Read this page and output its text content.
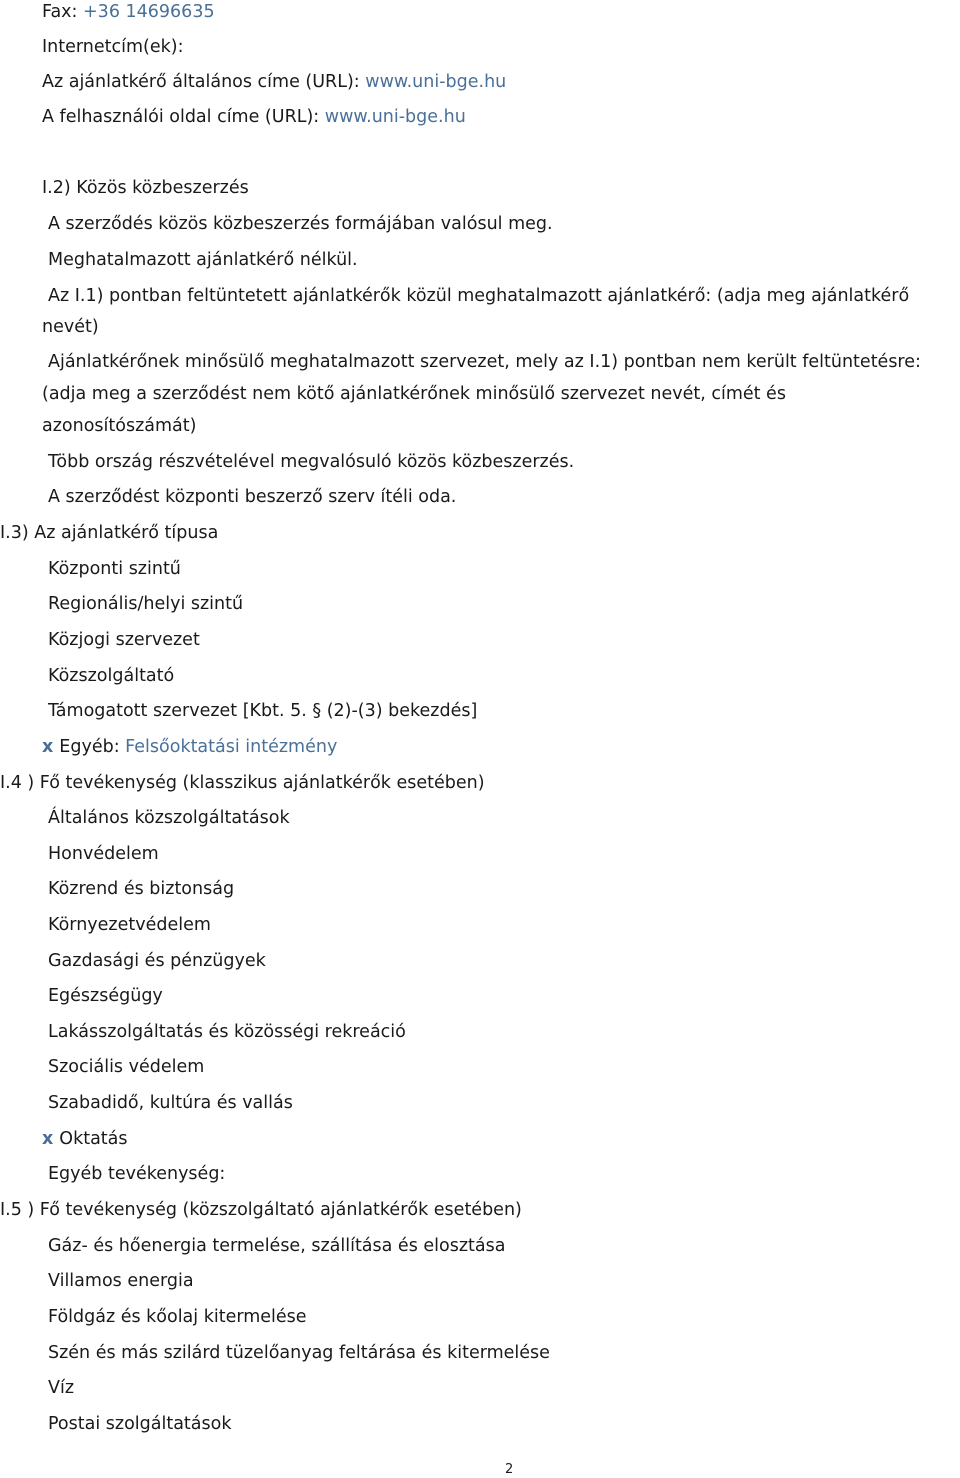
Fax: +36 14696635
Internetcím(ek):
Az ajánlatkérő általános címe (URL): www.uni-bge.hu
A felhasználói oldal címe (URL): www.uni-bge.hu
I.2) Közös közbeszerzés
A szerződés közös közbeszerzés formájában valósul meg.
Meghatalmazott ajánlatkérő nélkül.
Az I.1) pontban feltüntetett ajánlatkérők közül meghatalmazott ajánlatkérő: (adja meg ajánlatkérő
nevét)
Ajánlatkérőnek minősülő meghatalmazott szervezet, mely az I.1) pontban nem került feltüntetésre:
(adja meg a szerződést nem kötő ajánlatkérőnek minősülő szervezet nevét, címét és
azonosítószámát)
Több ország részvételével megvalósuló közös közbeszerzés.
A szerződést központi beszerző szerv ítéli oda.
I.3) Az ajánlatkérő típusa
Központi szintű
Regionális/helyi szintű
Közjogi szervezet
Közszolgáltató
Támogatott szervezet [Kbt. 5. § (2)-(3) bekezdés]
x Egyéb: Felsőoktatási intézmény
I.4 ) Fő tevékenység (klasszikus ajánlatkérők esetében)
Általános közszolgáltatások
Honvédelem
Közrend és biztonság
Környezetvédelem
Gazdasági és pénzügyek
Egészségügy
Lakásszolgáltatás és közösségi rekreáció
Szociális védelem
Szabadidő, kultúra és vallás
x Oktatás
Egyéb tevékenység:
I.5 ) Fő tevékenység (közszolgáltató ajánlatkérők esetében)
Gáz- és hőenergia termelése, szállítása és elosztása
Villamos energia
Földgáz és kőolaj kitermelése
Szén és más szilárd tüzelőanyag feltárása és kitermelése
Víz
Postai szolgáltatások
2
